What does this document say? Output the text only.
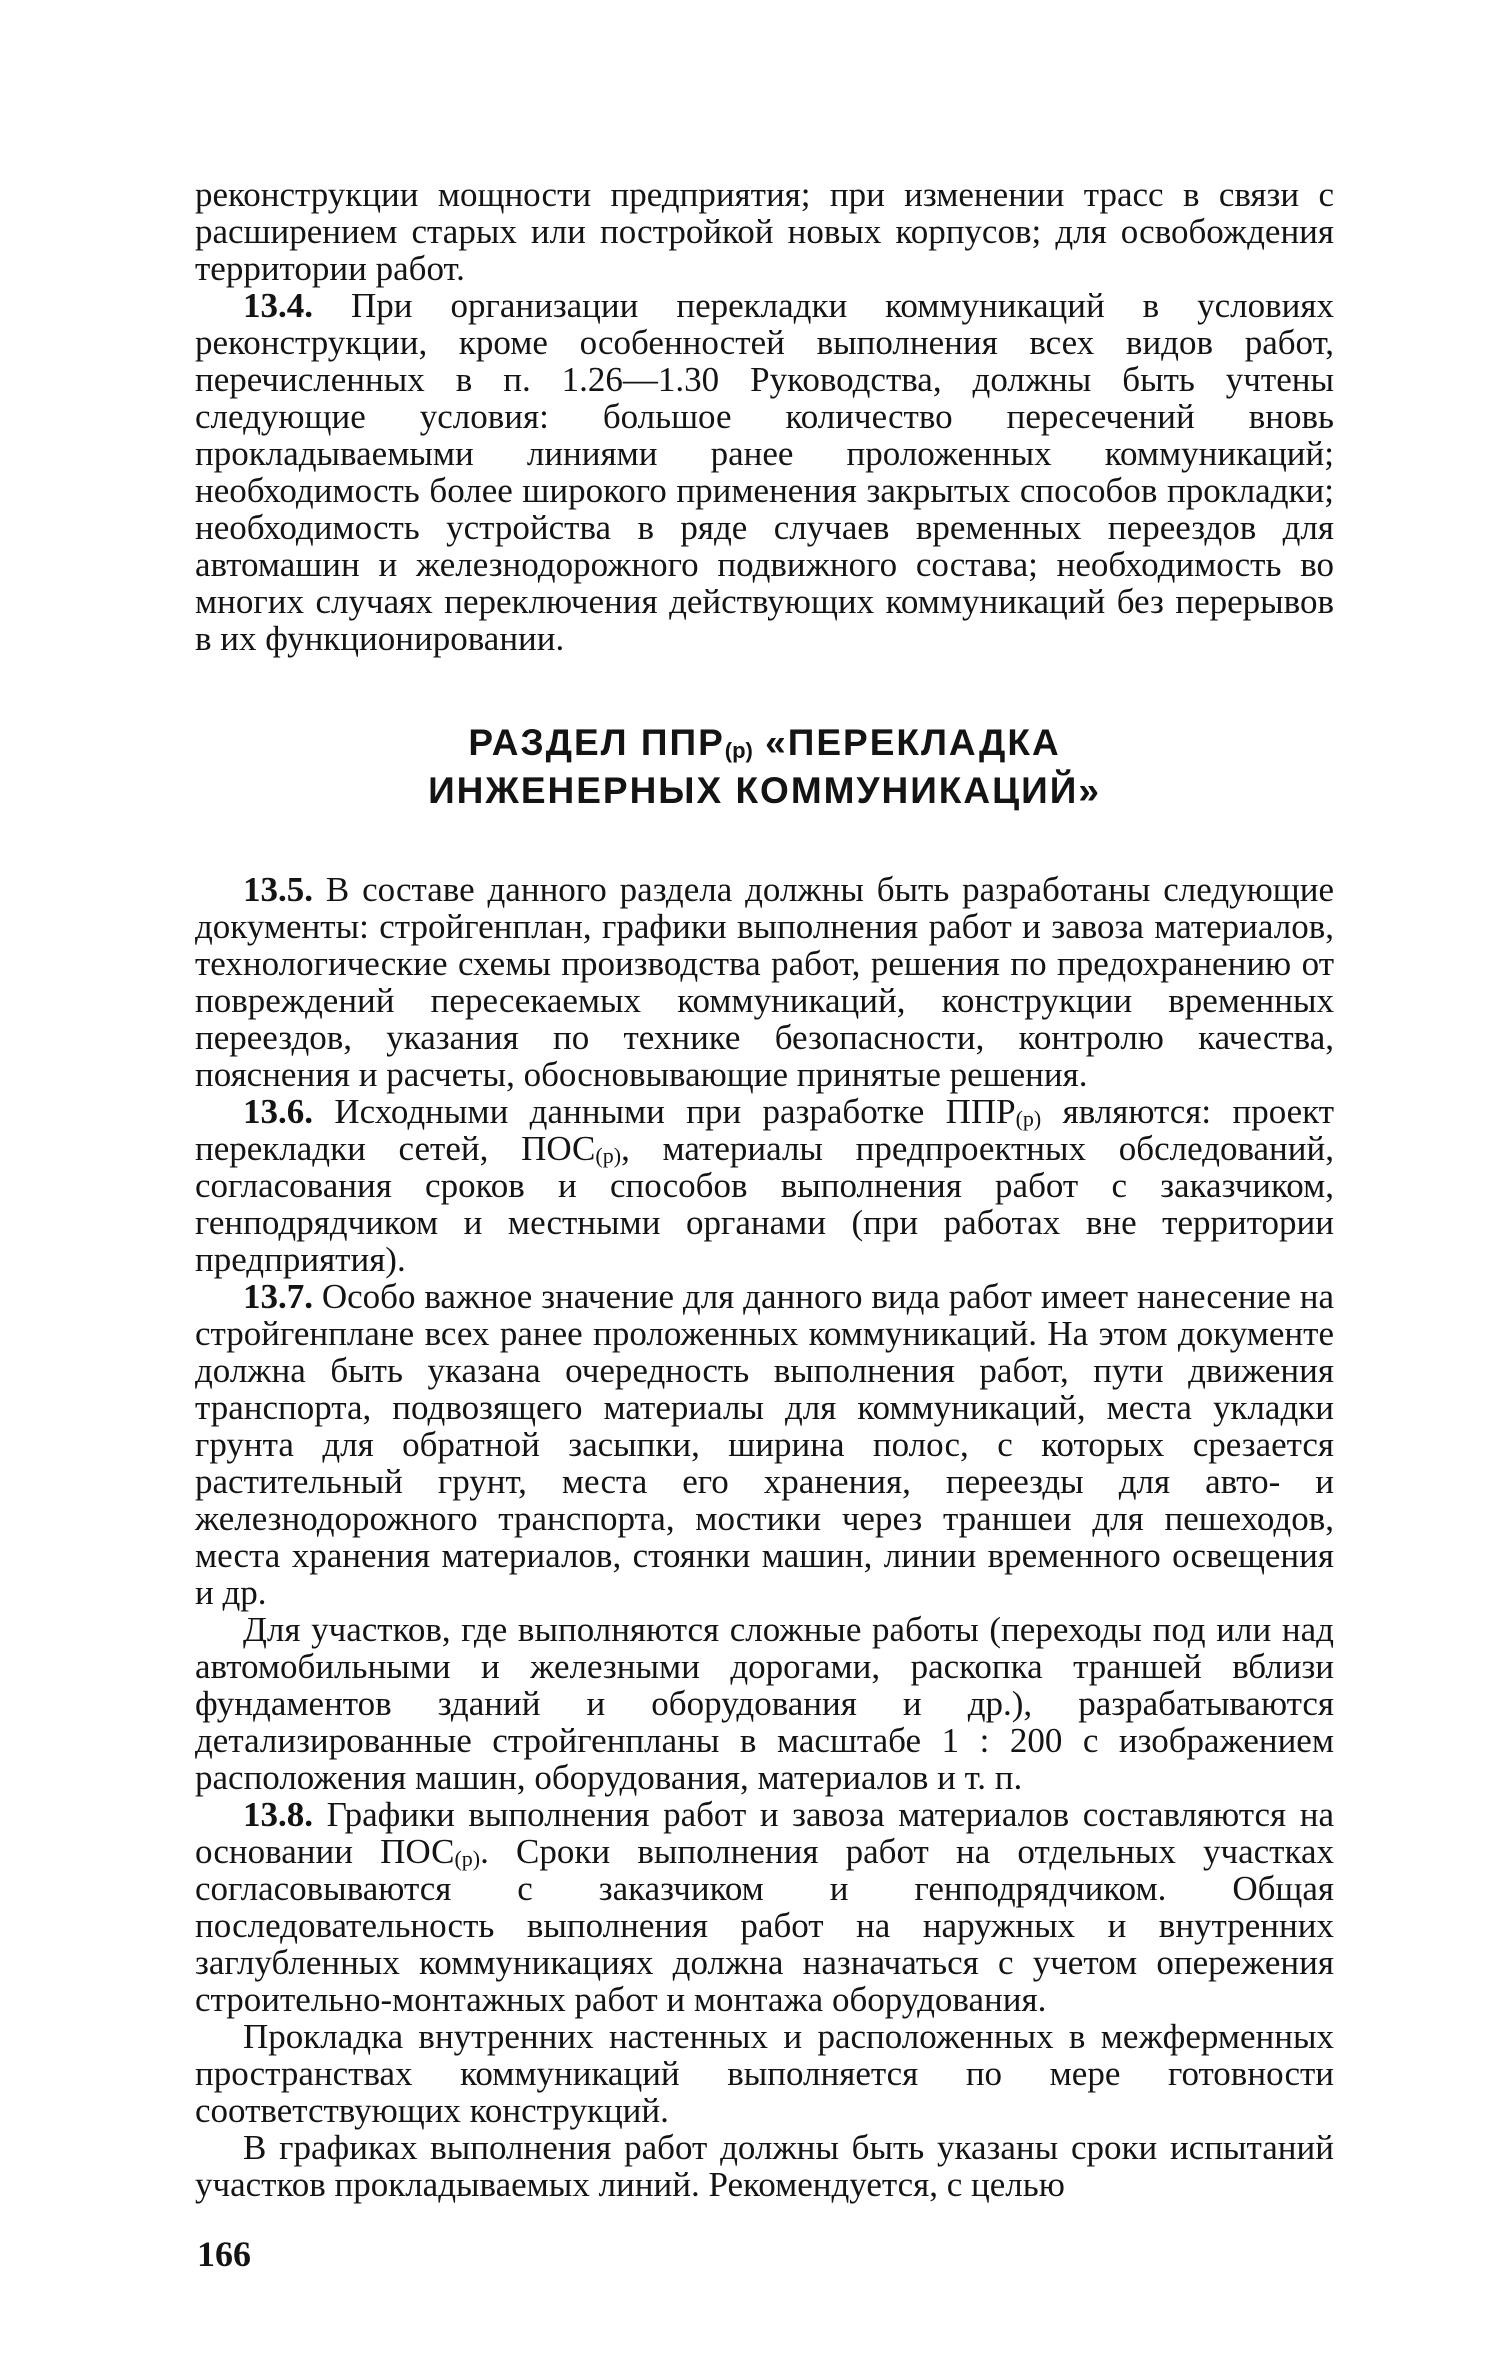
реконструкции мощности предприятия; при изменении трасс в связи с расширением старых или постройкой новых корпусов; для освобождения территории работ.

13.4. При организации перекладки коммуникаций в условиях реконструкции, кроме особенностей выполнения всех видов работ, перечисленных в п. 1.26—1.30 Руководства, должны быть учтены следующие условия: большое количество пересечений вновь прокладываемыми линиями ранее проложенных коммуникаций; необходимость более широкого применения закрытых способов прокладки; необходимость устройства в ряде случаев временных переездов для автомашин и железнодорожного подвижного состава; необходимость во многих случаях переключения действующих коммуникаций без перерывов в их функционировании.

РАЗДЕЛ $ППР_{(р)}$ «ПЕРЕКЛАДКА
ИНЖЕНЕРНЫХ КОММУНИКАЦИЙ»

13.5. В составе данного раздела должны быть разработаны следующие документы: стройгенплан, графики выполнения работ и завоза материалов, технологические схемы производства работ, решения по предохранению от повреждений пересекаемых коммуникаций, конструкции временных переездов, указания по технике безопасности, контролю качества, пояснения и расчеты, обосновывающие принятые решения.

13.6. Исходными данными при разработке $ППР_{(р)}$ являются: проект перекладки сетей, $ПОС_{(р)}$, материалы предпроектных обследований, согласования сроков и способов выполнения работ с заказчиком, генподрядчиком и местными органами (при работах вне территории предприятия).

13.7. Особо важное значение для данного вида работ имеет нанесение на стройгенплане всех ранее проложенных коммуникаций. На этом документе должна быть указана очередность выполнения работ, пути движения транспорта, подвозящего материалы для коммуникаций, места укладки грунта для обратной засыпки, ширина полос, с которых срезается растительный грунт, места его хранения, переезды для авто- и железнодорожного транспорта, мостики через траншеи для пешеходов, места хранения материалов, стоянки машин, линии временного освещения и др.

Для участков, где выполняются сложные работы (переходы под или над автомобильными и железными дорогами, раскопка траншей вблизи фундаментов зданий и оборудования и др.), разрабатываются детализированные стройгенпланы в масштабе 1 : 200 с изображением расположения машин, оборудования, материалов и т. п.

13.8. Графики выполнения работ и завоза материалов составляются на основании $ПОС_{(р)}$. Сроки выполнения работ на отдельных участках согласовываются с заказчиком и генподрядчиком. Общая последовательность выполнения работ на наружных и внутренних заглубленных коммуникациях должна назначаться с учетом опережения строительно-монтажных работ и монтажа оборудования.

Прокладка внутренних настенных и расположенных в межферменных пространствах коммуникаций выполняется по мере готовности соответствующих конструкций.

В графиках выполнения работ должны быть указаны сроки испытаний участков прокладываемых линий. Рекомендуется, с целью

166
